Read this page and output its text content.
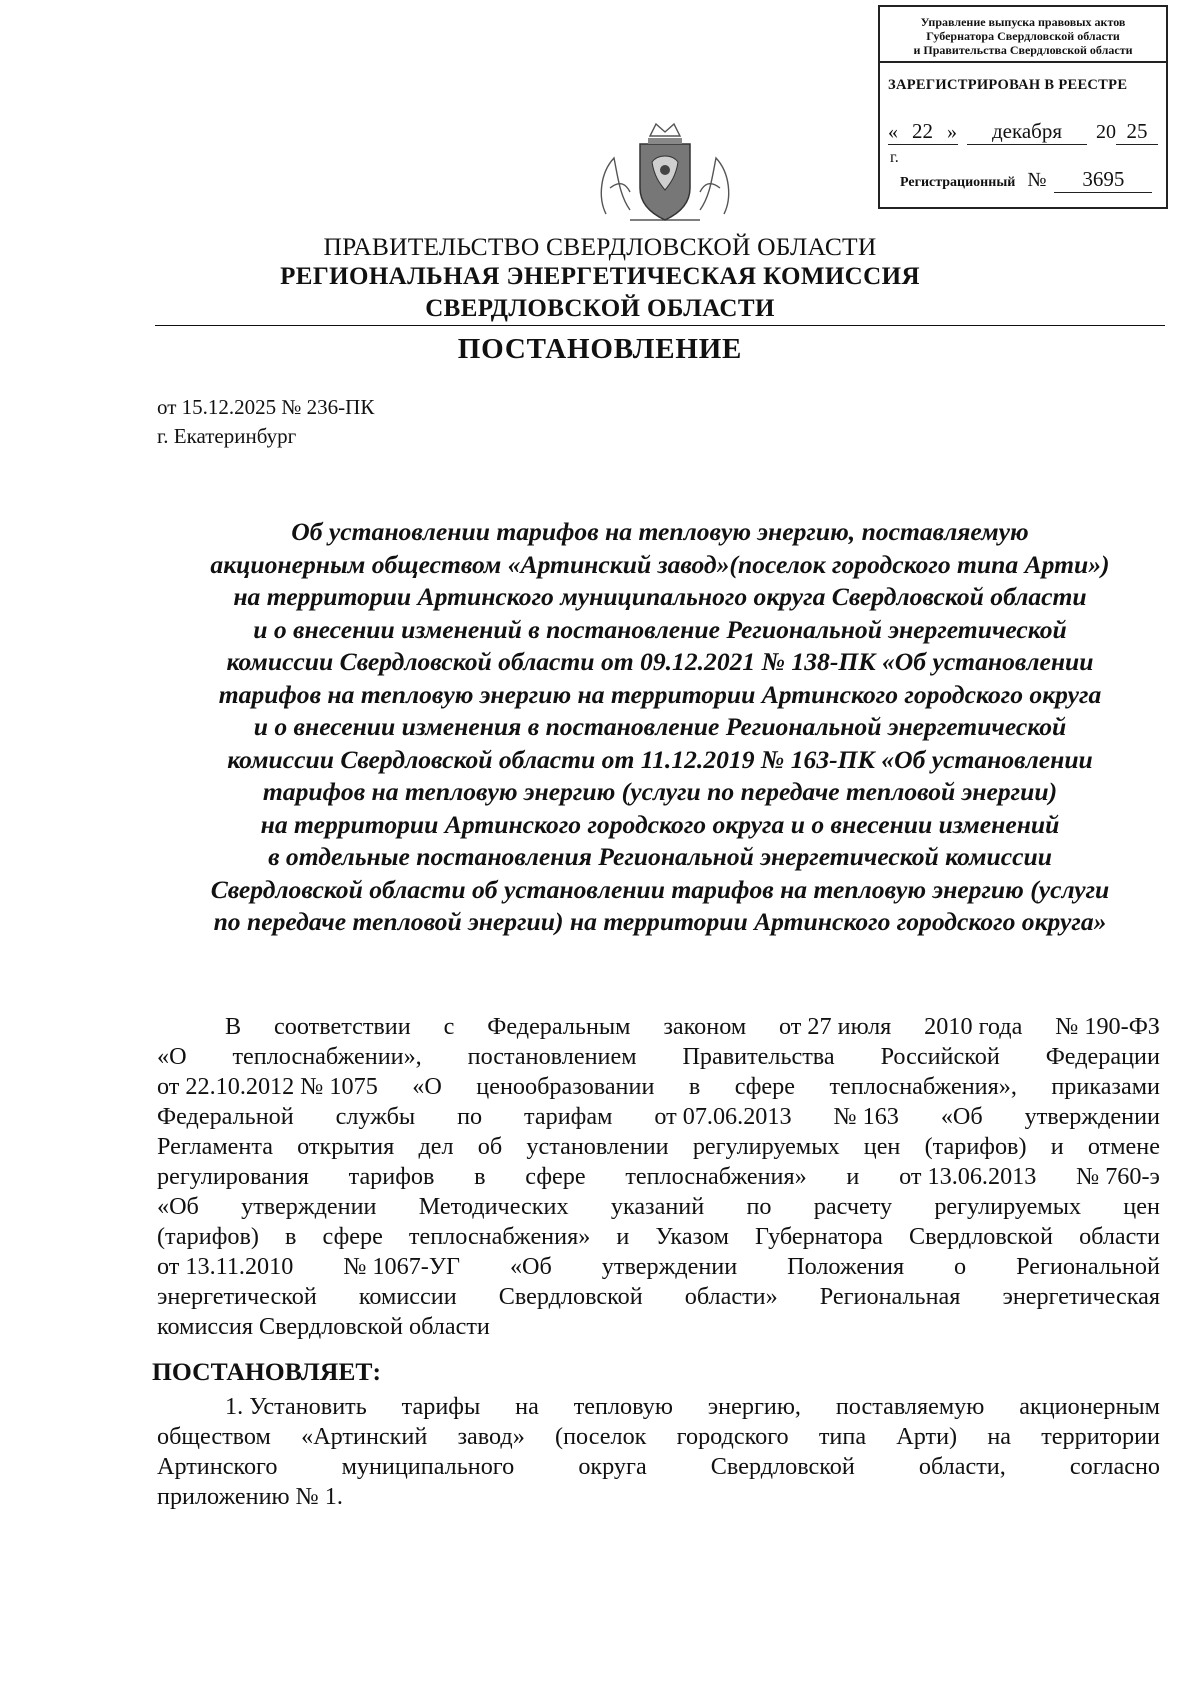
Управление выпуска правовых актов
Губернатора Свердловской области
и Правительства Свердловской области
ЗАРЕГИСТРИРОВАН В РЕЕСТРЕ
« 22 » декабря 20 25 г.
Регистрационный № 3695
ПРАВИТЕЛЬСТВО СВЕРДЛОВСКОЙ ОБЛАСТИ
РЕГИОНАЛЬНАЯ ЭНЕРГЕТИЧЕСКАЯ КОМИССИЯ
СВЕРДЛОВСКОЙ ОБЛАСТИ
ПОСТАНОВЛЕНИЕ
от 15.12.2025 № 236-ПК
г. Екатеринбург
Об установлении тарифов на тепловую энергию, поставляемую
акционерным обществом «Артинский завод»(поселок городского типа Арти»)
на территории Артинского муниципального округа Свердловской области
и о внесении изменений в постановление Региональной энергетической
комиссии Свердловской области от 09.12.2021 № 138-ПК «Об установлении
тарифов на тепловую энергию на территории Артинского городского округа
и о внесении изменения в постановление Региональной энергетической
комиссии Свердловской области от 11.12.2019 № 163-ПК «Об установлении
тарифов на тепловую энергию (услуги по передаче тепловой энергии)
на территории Артинского городского округа и о внесении изменений
в отдельные постановления Региональной энергетической комиссии
Свердловской области об установлении тарифов на тепловую энергию (услуги
по передаче тепловой энергии) на территории Артинского городского округа»
В соответствии с Федеральным законом от 27 июля 2010 года № 190-ФЗ
«О теплоснабжении», постановлением Правительства Российской Федерации
от 22.10.2012 № 1075 «О ценообразовании в сфере теплоснабжения», приказами
Федеральной службы по тарифам от 07.06.2013 № 163 «Об утверждении
Регламента открытия дел об установлении регулируемых цен (тарифов) и отмене
регулирования тарифов в сфере теплоснабжения» и от 13.06.2013 № 760-э
«Об утверждении Методических указаний по расчету регулируемых цен
(тарифов) в сфере теплоснабжения» и Указом Губернатора Свердловской области
от 13.11.2010 № 1067-УГ «Об утверждении Положения о Региональной
энергетической комиссии Свердловской области» Региональная энергетическая
комиссия Свердловской области
ПОСТАНОВЛЯЕТ:
1. Установить тарифы на тепловую энергию, поставляемую акционерным
обществом «Артинский завод» (поселок городского типа Арти) на территории
Артинского	муниципального	округа	Свердловской	области,	согласно
приложению № 1.
